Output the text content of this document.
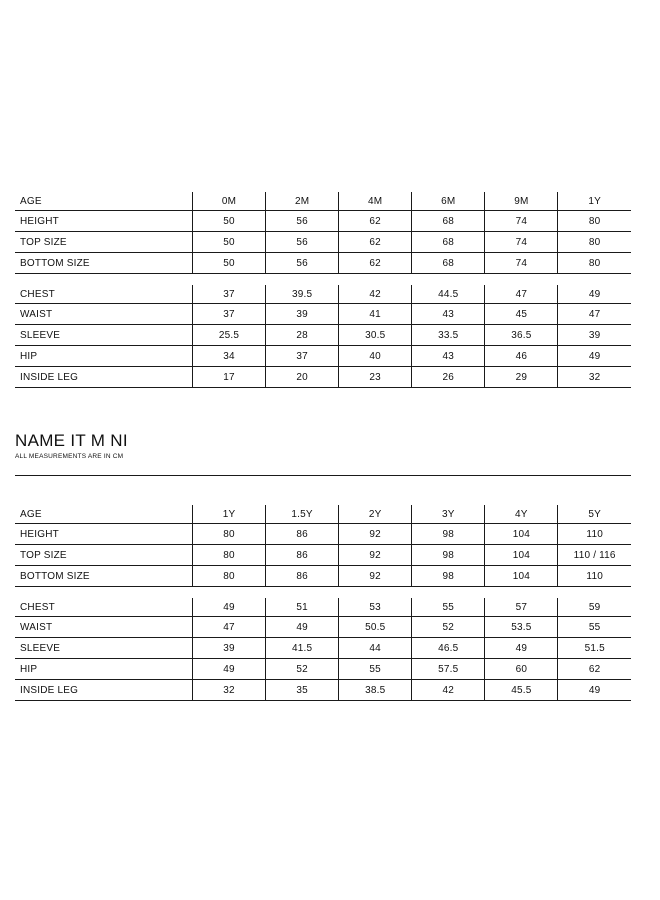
AGE	0M	2M	4M	6M	9M	1Y
HEIGHT	50	56	62	68	74	80
TOP SIZE	50	56	62	68	74	80
BOTTOM SIZE	50	56	62	68	74	80
CHEST	37	39.5	42	44.5	47	49
WAIST	37	39	41	43	45	47
SLEEVE	25.5	28	30.5	33.5	36.5	39
HIP	34	37	40	43	46	49
INSIDE LEG	17	20	23	26	29	32
NAME IT M NI
ALL MEASUREMENTS ARE IN CM
AGE	1Y	1.5Y	2Y	3Y	4Y	5Y
HEIGHT	80	86	92	98	104	110
TOP SIZE	80	86	92	98	104	110 / 116
BOTTOM SIZE	80	86	92	98	104	110
CHEST	49	51	53	55	57	59
WAIST	47	49	50.5	52	53.5	55
SLEEVE	39	41.5	44	46.5	49	51.5
HIP	49	52	55	57.5	60	62
INSIDE LEG	32	35	38.5	42	45.5	49
